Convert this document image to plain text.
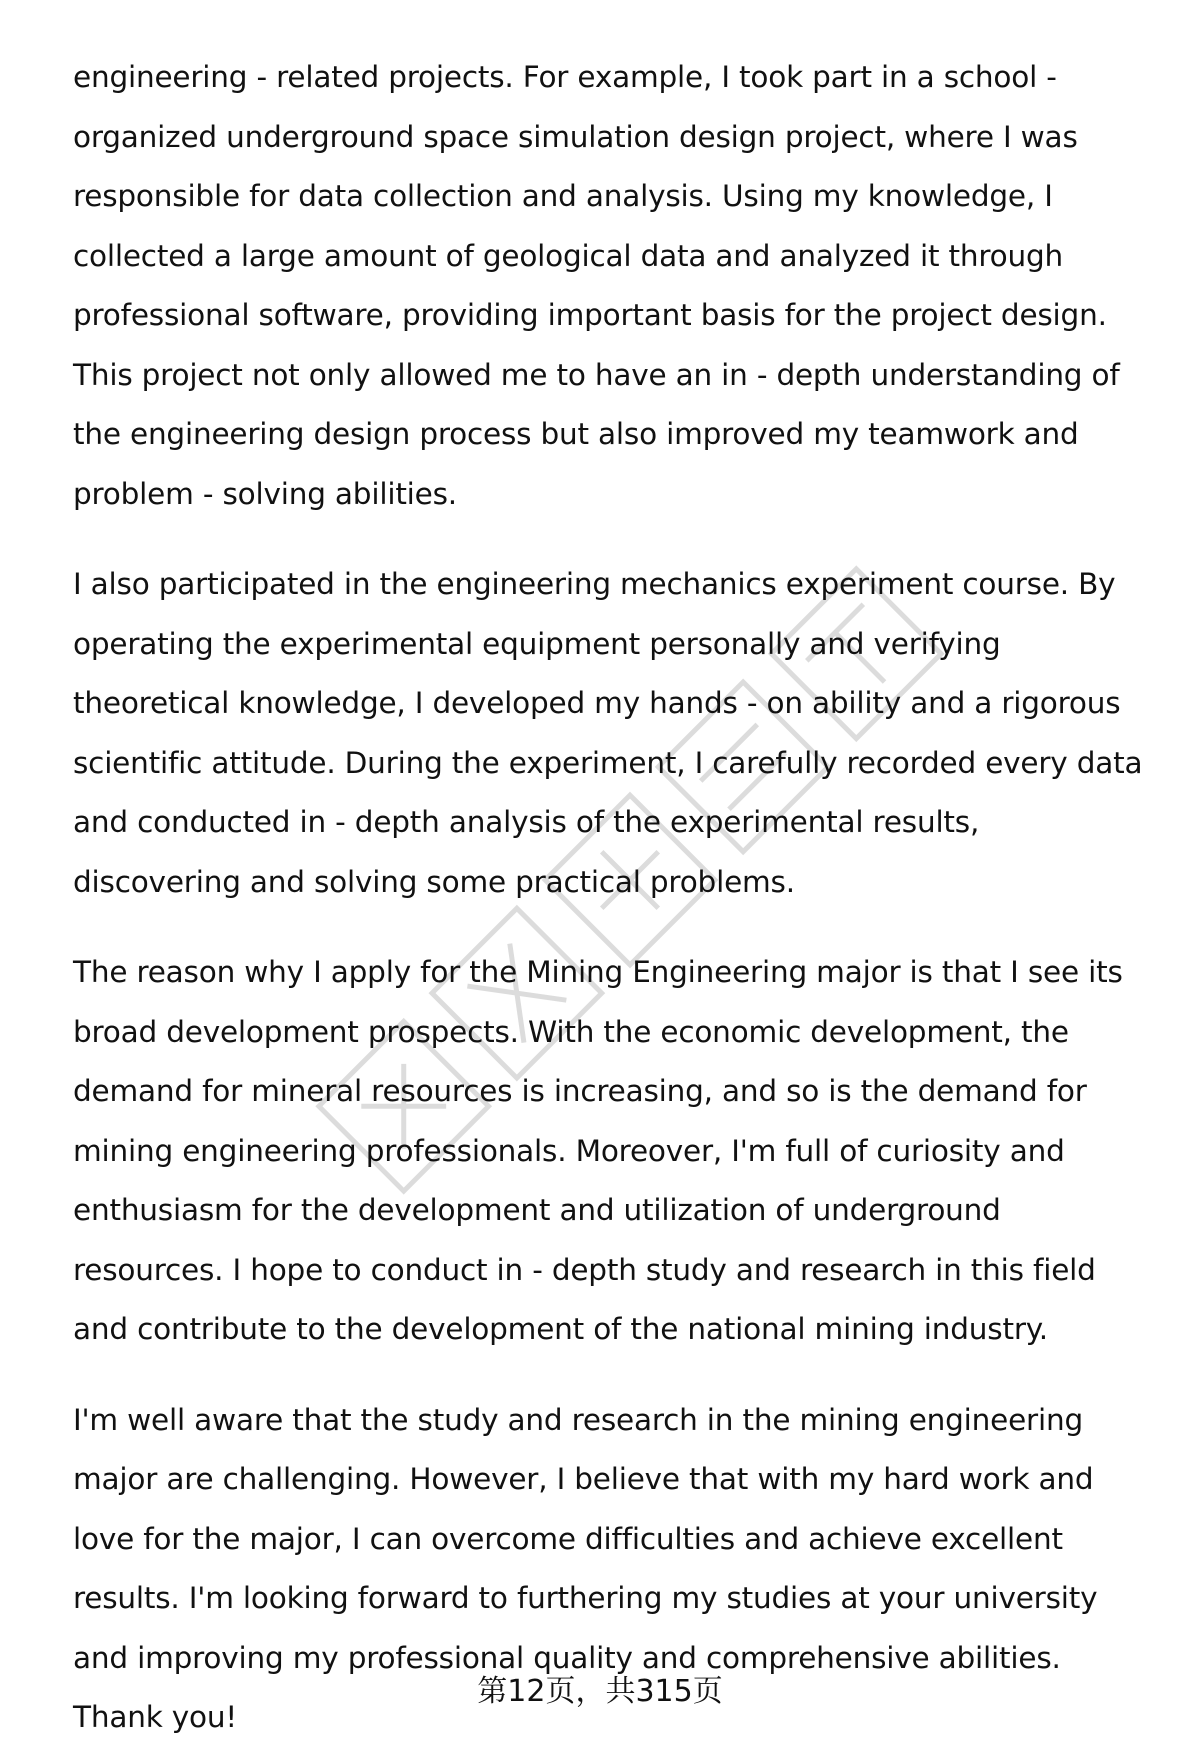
engineering - related projects. For example, I took part in a school - organized underground space simulation design project, where I was responsible for data collection and analysis. Using my knowledge, I collected a large amount of geological data and analyzed it through professional software, providing important basis for the project design. This project not only allowed me to have an in - depth understanding of the engineering design process but also improved my teamwork and problem - solving abilities.

I also participated in the engineering mechanics experiment course. By operating the experimental equipment personally and verifying theoretical knowledge, I developed my hands - on ability and a rigorous scientific attitude. During the experiment, I carefully recorded every data and conducted in - depth analysis of the experimental results, discovering and solving some practical problems.

The reason why I apply for the Mining Engineering major is that I see its broad development prospects. With the economic development, the demand for mineral resources is increasing, and so is the demand for mining engineering professionals. Moreover, I'm full of curiosity and enthusiasm for the development and utilization of underground resources. I hope to conduct in - depth study and research in this field and contribute to the development of the national mining industry.

I'm well aware that the study and research in the mining engineering major are challenging. However, I believe that with my hard work and love for the major, I can overcome difficulties and achieve excellent results. I'm looking forward to furthering my studies at your university and improving my professional quality and comprehensive abilities. Thank you!

第12页，共315页
